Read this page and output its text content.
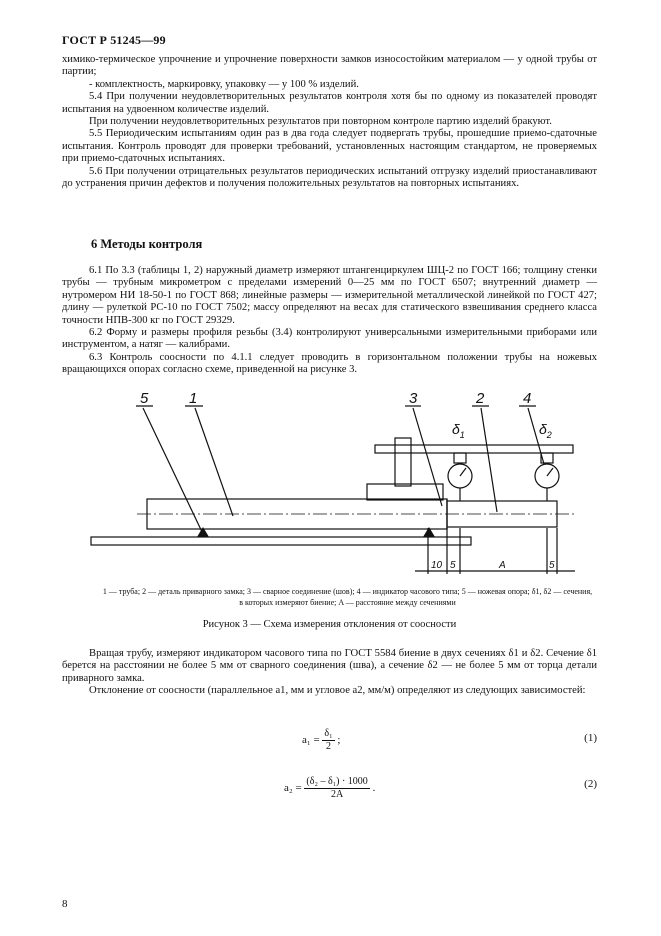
ГОСТ Р 51245—99

химико-термическое упрочнение и упрочнение поверхности замков износостойким материалом — у одной трубы от партии;

- комплектность, маркировку, упаковку — у 100 % изделий.

5.4 При получении неудовлетворительных результатов контроля хотя бы по одному из показателей проводят испытания на удвоенном количестве изделий.

При получении неудовлетворительных результатов при повторном контроле партию изделий бракуют.

5.5 Периодическим испытаниям один раз в два года следует подвергать трубы, прошедшие приемо-сдаточные испытания. Контроль проводят для проверки требований, установленных настоящим стандартом, не проверяемых при приемо-сдаточных испытаниях.

5.6 При получении отрицательных результатов периодических испытаний отгрузку изделий приостанавливают до устранения причин дефектов и получения положительных результатов на повторных испытаниях.

6 Методы контроля

6.1 По 3.3 (таблицы 1, 2) наружный диаметр измеряют штангенциркулем ШЦ-2 по ГОСТ 166; толщину стенки трубы — трубным микрометром с пределами измерений 0—25 мм по ГОСТ 6507; внутренний диаметр — нутромером НИ 18-50-1 по ГОСТ 868; линейные размеры — измерительной металлической линейкой по ГОСТ 427; длину — рулеткой РС-10 по ГОСТ 7502; массу определяют на весах для статического взвешивания среднего класса точности НПВ-300 кг по ГОСТ 29329.

6.2 Форму и размеры профиля резьбы (3.4) контролируют универсальными измерительными приборами или инструментом, а натяг — калибрами.

6.3 Контроль соосности по 4.1.1 следует проводить в горизонтальном положении трубы на ножевых вращающихся опорах согласно схеме, приведенной на рисунке 3.

5	1	3	2	4
$\delta_1$	$\delta_2$
10 5	A	5
1 — труба; 2 — деталь приварного замка; 3 — сварное соединение (шов); 4 — индикатор часового типа; 5 — ножевая опора; δ1, δ2 — сечения, в которых измеряют биение; A — расстояние между сечениями
Рисунок 3 — Схема измерения отклонения от соосности

Вращая трубу, измеряют индикатором часового типа по ГОСТ 5584 биение в двух сечениях δ1 и δ2. Сечение δ1 берется на расстоянии не более 5 мм от сварного соединения (шва), а сечение δ2 — не более 5 мм от торца детали приварного замка.

Отклонение от соосности (параллельное a1, мм и угловое a2, мм/м) определяют из следующих зависимостей:

$a_1 = \frac{\text{δ₁}}{2}$ ;	(1)
$a_2 = \frac{\text{(δ₂ – δ₁) · 1000}}{2A}$ .	(2)
8
